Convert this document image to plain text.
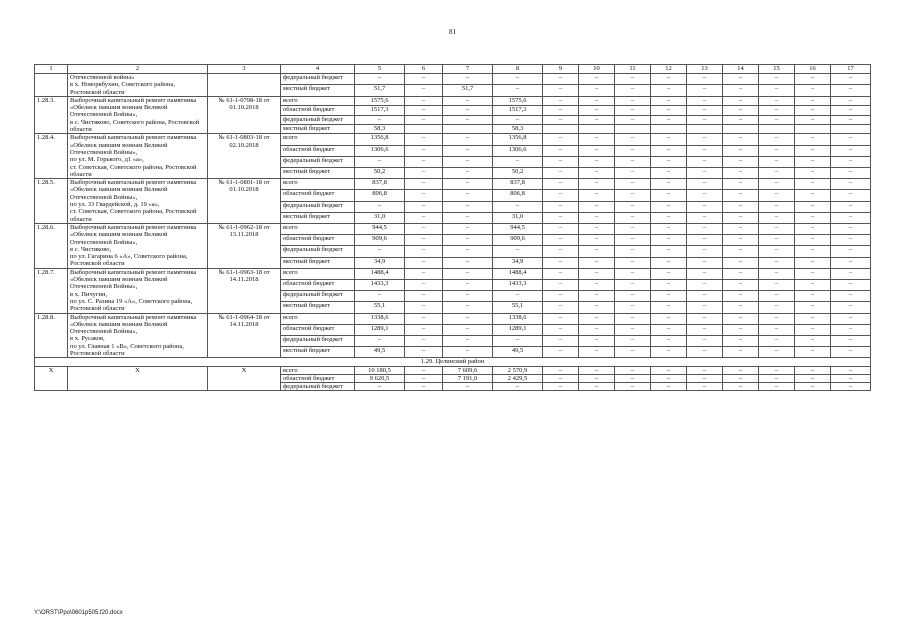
81
1	2	3	4	5	6	7	8	9	10	11	12	13	14	15	16	17
	Отечественной войны»
в х. Новорябухин, Советского района, Ростовской области		федеральный бюджет	–	–	–	–	–	–	–	–	–	–	–	–	–
			местный бюджет	51,7	–	51,7	–	–	–	–	–	–	–	–	–	–
1.28.3.	Выборочный капитальный ремонт памятника «Обелиск павшим воинам Великой Отечественной Войны»,
в с. Чистяково, Советского района, Ростовской области	№ 61-1-0798-18 от 01.10.2018	всего	1575,6	–	–	1575,6	–	–	–	–	–	–	–	–	–
			областной бюджет	1517,3	–	–	1517,3	–	–	–	–	–	–	–	–	–
			федеральный бюджет	–	–	–	–	–	–	–	–	–	–	–	–	–
			местный бюджет	58,3			58,3									
1.28.4.	Выборочный капитальный ремонт памятника «Обелиск павшим воинам Великой Отечественной Войны»,
по ул. М. Горького, д1 «а»,
ст. Советская, Советского района, Ростовской области	№ 61-1-0803-18 от 02.10.2018	всего	1356,8	–	–	1356,8	–	–	–	–	–	–	–	–	–
			областной бюджет	1306,6	–	–	1306,6	–	–	–	–	–	–	–	–	–
			федеральный бюджет	–	–	–	–	–	–	–	–	–	–	–	–	–
			местный бюджет	50,2	–	–	50,2	–	–	–	–	–	–	–	–	–
1.28.5.	Выборочный капитальный ремонт памятника «Обелиск павшим воинам Великой Отечественной Войны»,
по ул. 33 Гвардейской, д. 19 «а»,
ст. Советская, Советского района, Ростовской области	№ 61-1-0801-18 от 01.10.2018	всего	837,8	–	–	837,8	–	–	–	–	–	–	–	–	–
			областной бюджет	806,8	–	–	806,8	–	–	–	–	–	–	–	–	–
			федеральный бюджет	–	–	–	–	–	–	–	–	–	–	–	–	–
			местный бюджет	31,0	–	–	31,0	–	–	–	–	–	–	–	–	–
1.28.6.	Выборочный капитальный ремонт памятника «Обелиск павшим воинам Великой Отечественной Войны»,
в с. Чистяково,
по ул. Гагарина 6 «А», Советского района, Ростовской области	№ 61-1-0962-18 от 13.11.2018	всего	944,5	–	–	944,5	–	–	–	–	–	–	–	–	–
			областной бюджет	909,6	–	–	909,6	–	–	–	–	–	–	–	–	–
			федеральный бюджет	–	–	–	–	–	–	–	–	–	–	–	–	–
			местный бюджет	34,9	–	–	34,9	–	–	–	–	–	–	–	–	–
1.28.7.	Выборочный капитальный ремонт памятника «Обелиск павшим воинам Великой Отечественной Войны»,
в х. Пичугин,
по ул. С. Разина 19 «А», Советского района, Ростовской области	№ 61-1-0963-18 от 14.11.2018	всего	1488,4	–	–	1488,4	–	–	–	–	–	–	–	–	–
			областной бюджет	1433,3	–	–	1433,3	–	–	–	–	–	–	–	–	–
			федеральный бюджет	–	–	–	–	–	–	–	–	–	–	–	–	–
			местный бюджет	55,1	–	–	55,1	–	–	–	–	–	–	–	–	–
1.28.8.	Выборочный капитальный ремонт памятника «Обелиск павшим воинам Великой Отечественной Войны»,
в х. Русаков,
по ул. Главная 1 «В», Советского района, Ростовской области	№ 61-1-0964-18 от 14.11.2018	всего	1338,6	–	–	1338,6	–	–	–	–	–	–	–	–	–
			областной бюджет	1289,1	–	–	1289,1	–	–	–	–	–	–	–	–	–
			федеральный бюджет	–	–	–	–	–	–	–	–	–	–	–	–	–
			местный бюджет	49,5	–	–	49,5	–	–	–	–	–	–	–	–	–
1.29. Целинский район																
Х	Х	Х	всего	10 180,5	–	7 609,6	2 570,9	–	–	–	–	–	–	–	–	–
			областной бюджет	9 620,5	–	7 191,0	2 429,5	–	–	–	–	–	–	–	–	–
			федеральный бюджет	–	–	–	–	–	–	–	–	–	–	–	–	–
Y:\ORST\Ppo\0601p505.f20.docx
